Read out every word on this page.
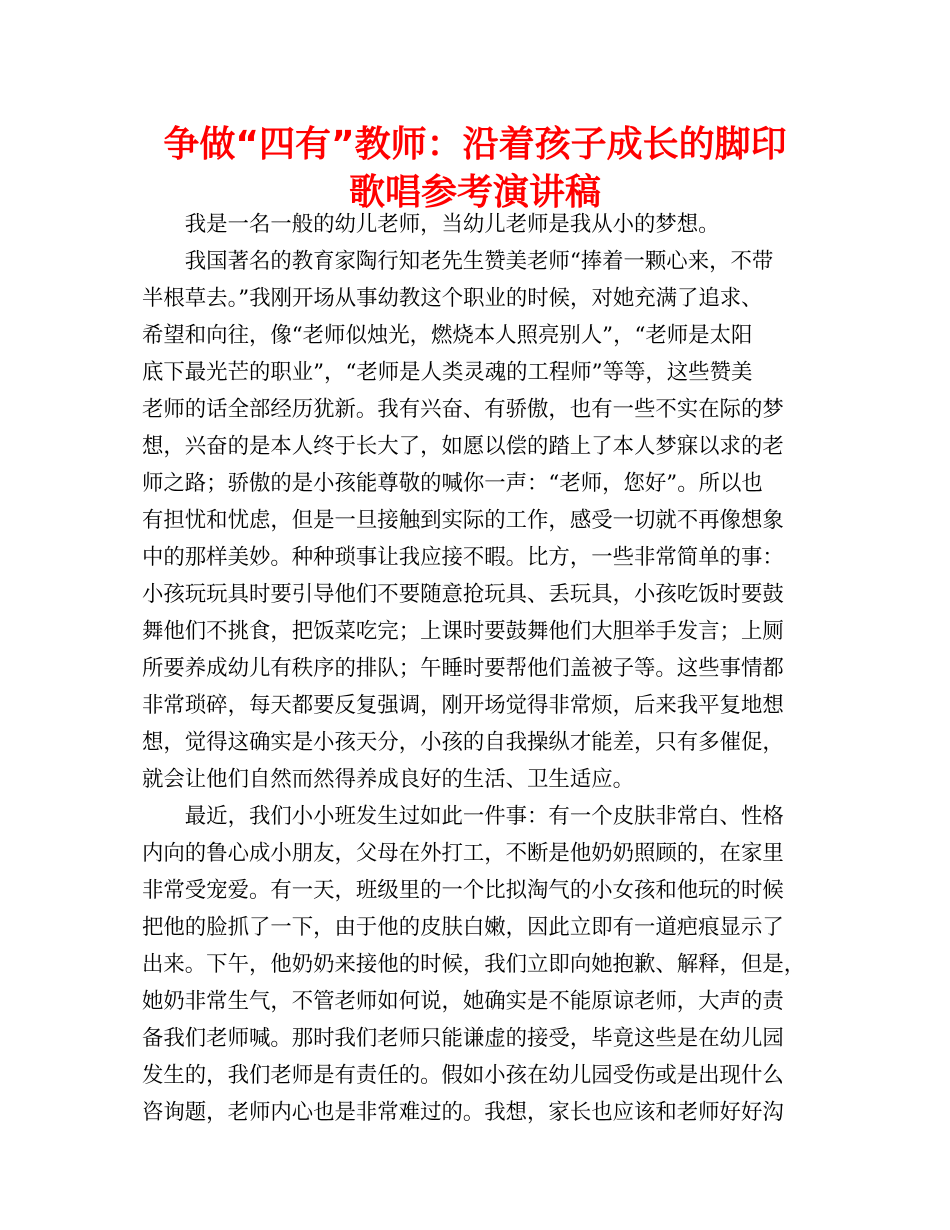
争做“四有”教师：沿着孩子成长的脚印
歌唱参考演讲稿
　　我是一名一般的幼儿老师，当幼儿老师是我从小的梦想。
　　我国著名的教育家陶行知老先生赞美老师“捧着一颗心来，不带
半根草去。”我刚开场从事幼教这个职业的时候，对她充满了追求、
希望和向往，像“老师似烛光，燃烧本人照亮别人”，“老师是太阳
底下最光芒的职业”，“老师是人类灵魂的工程师”等等，这些赞美
老师的话全部经历犹新。我有兴奋、有骄傲，也有一些不实在际的梦
想，兴奋的是本人终于长大了，如愿以偿的踏上了本人梦寐以求的老
师之路；骄傲的是小孩能尊敬的喊你一声：“老师，您好”。所以也
有担忧和忧虑，但是一旦接触到实际的工作，感受一切就不再像想象
中的那样美妙。种种琐事让我应接不暇。比方，一些非常简单的事：
小孩玩玩具时要引导他们不要随意抢玩具、丢玩具，小孩吃饭时要鼓
舞他们不挑食，把饭菜吃完；上课时要鼓舞他们大胆举手发言；上厕
所要养成幼儿有秩序的排队；午睡时要帮他们盖被子等。这些事情都
非常琐碎，每天都要反复强调，刚开场觉得非常烦，后来我平复地想
想，觉得这确实是小孩天分，小孩的自我操纵才能差，只有多催促，
就会让他们自然而然得养成良好的生活、卫生适应。
　　最近，我们小小班发生过如此一件事：有一个皮肤非常白、性格
内向的鲁心成小朋友，父母在外打工，不断是他奶奶照顾的，在家里
非常受宠爱。有一天，班级里的一个比拟淘气的小女孩和他玩的时候
把他的脸抓了一下，由于他的皮肤白嫩，因此立即有一道疤痕显示了
出来。下午，他奶奶来接他的时候，我们立即向她抱歉、解释，但是，
她奶非常生气，不管老师如何说，她确实是不能原谅老师，大声的责
备我们老师喊。那时我们老师只能谦虚的接受，毕竟这些是在幼儿园
发生的，我们老师是有责任的。假如小孩在幼儿园受伤或是出现什么
咨询题，老师内心也是非常难过的。我想，家长也应该和老师好好沟
